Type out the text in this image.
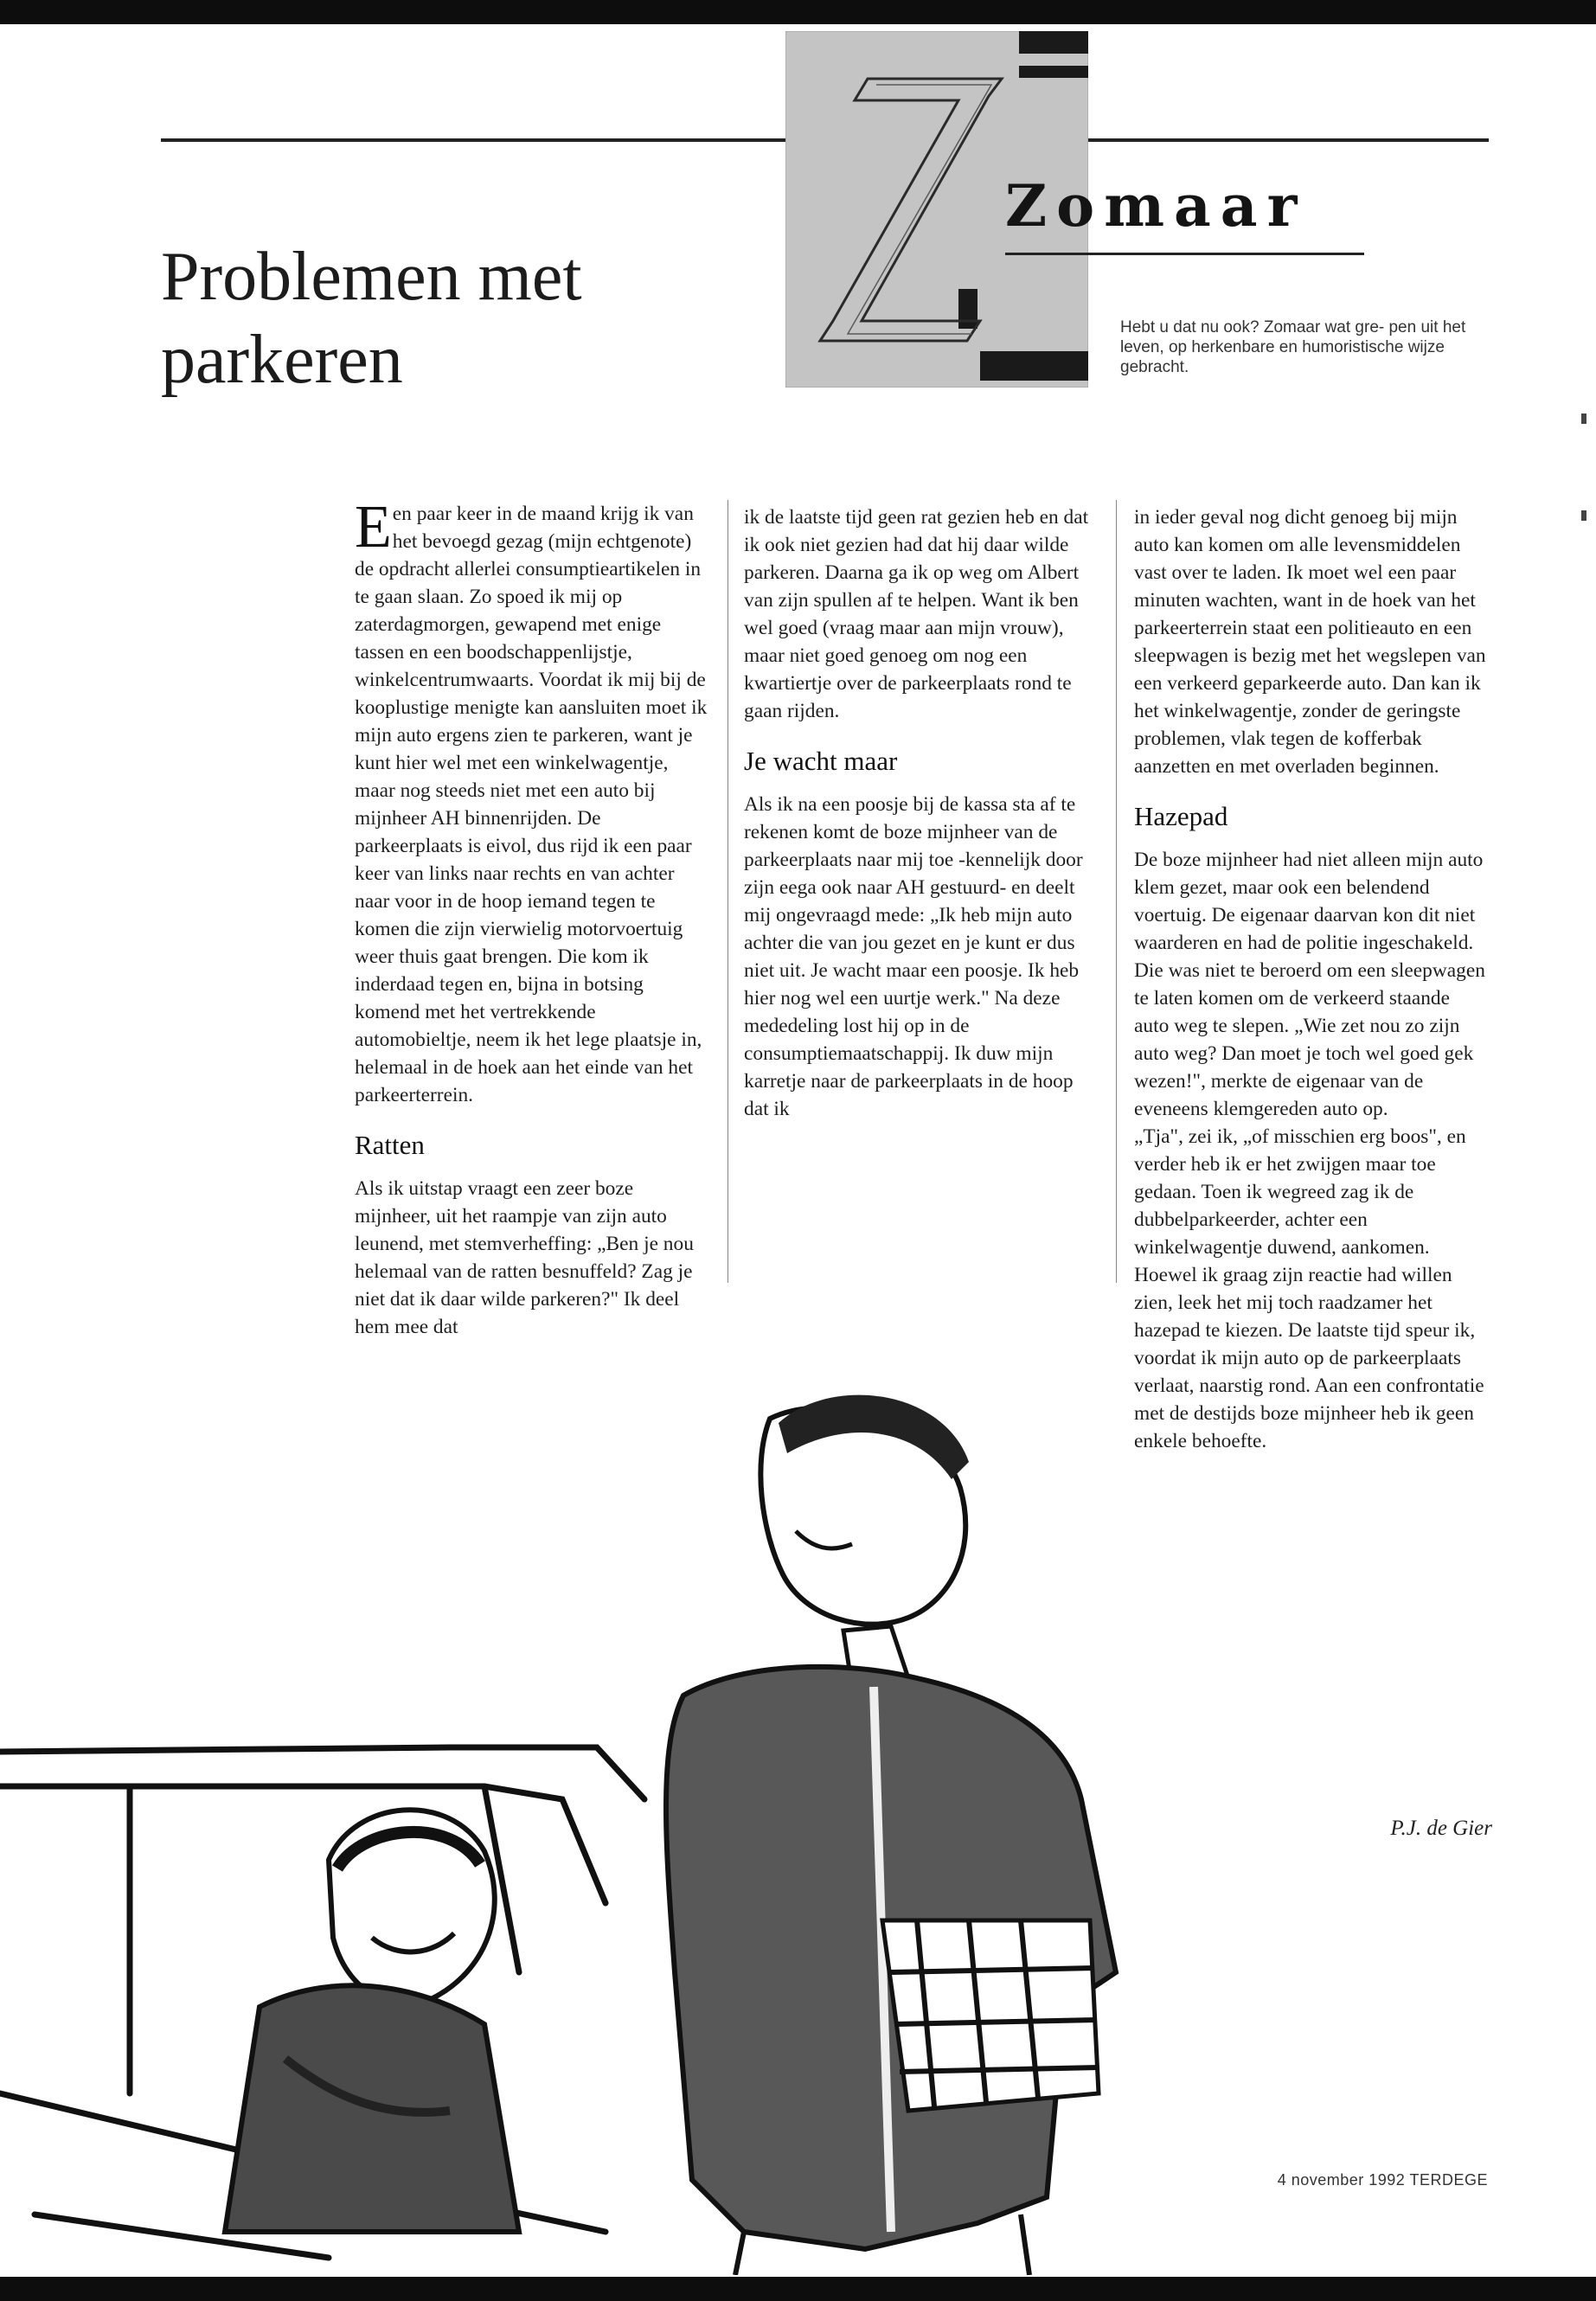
Zomaar
Hebt u dat nu ook? Zomaar wat gre- pen uit het leven, op herkenbare en humoristische wijze gebracht.
Problemen met
parkeren

Een paar keer in de maand krijg ik van het bevoegd gezag (mijn echtgenote) de opdracht allerlei consumptieartikelen in te gaan slaan. Zo spoed ik mij op zaterdagmorgen, gewapend met enige tassen en een boodschappenlijstje, winkelcentrumwaarts. Voordat ik mij bij de kooplustige menigte kan aansluiten moet ik mijn auto ergens zien te parkeren, want je kunt hier wel met een winkelwagentje, maar nog steeds niet met een auto bij mijnheer AH binnenrijden. De parkeerplaats is eivol, dus rijd ik een paar keer van links naar rechts en van achter naar voor in de hoop iemand tegen te komen die zijn vierwielig motorvoertuig weer thuis gaat brengen. Die kom ik inderdaad tegen en, bijna in botsing komend met het vertrekkende automobieltje, neem ik het lege plaatsje in, helemaal in de hoek aan het einde van het parkeerterrein.

Ratten

Als ik uitstap vraagt een zeer boze mijnheer, uit het raampje van zijn auto leunend, met stemverheffing: „Ben je nou helemaal van de ratten besnuffeld? Zag je niet dat ik daar wilde parkeren?" Ik deel hem mee dat

ik de laatste tijd geen rat gezien heb en dat ik ook niet gezien had dat hij daar wilde parkeren. Daarna ga ik op weg om Albert van zijn spullen af te helpen. Want ik ben wel goed (vraag maar aan mijn vrouw), maar niet goed genoeg om nog een kwartiertje over de parkeerplaats rond te gaan rijden.

Je wacht maar

Als ik na een poosje bij de kassa sta af te rekenen komt de boze mijnheer van de parkeerplaats naar mij toe -kennelijk door zijn eega ook naar AH gestuurd- en deelt mij ongevraagd mede: „Ik heb mijn auto achter die van jou gezet en je kunt er dus niet uit. Je wacht maar een poosje. Ik heb hier nog wel een uurtje werk." Na deze mededeling lost hij op in de consumptiemaatschappij. Ik duw mijn karretje naar de parkeerplaats in de hoop dat ik

in ieder geval nog dicht genoeg bij mijn auto kan komen om alle levensmiddelen vast over te laden. Ik moet wel een paar minuten wachten, want in de hoek van het parkeerterrein staat een politieauto en een sleepwagen is bezig met het wegslepen van een verkeerd geparkeerde auto. Dan kan ik het winkelwagentje, zonder de geringste problemen, vlak tegen de kofferbak aanzetten en met overladen beginnen.

Hazepad

De boze mijnheer had niet alleen mijn auto klem gezet, maar ook een belendend voertuig. De eigenaar daarvan kon dit niet waarderen en had de politie ingeschakeld.

Die was niet te beroerd om een sleepwagen te laten komen om de verkeerd staande auto weg te slepen. „Wie zet nou zo zijn auto weg? Dan moet je toch wel goed gek wezen!", merkte de eigenaar van de eveneens klemgereden auto op.

„Tja", zei ik, „of misschien erg boos", en verder heb ik er het zwijgen maar toe gedaan. Toen ik wegreed zag ik de dubbelparkeerder, achter een winkelwagentje duwend, aankomen. Hoewel ik graag zijn reactie had willen zien, leek het mij toch raadzamer het hazepad te kiezen. De laatste tijd speur ik, voordat ik mijn auto op de parkeerplaats verlaat, naarstig rond. Aan een confrontatie met de destijds boze mijnheer heb ik geen enkele behoefte.

P.J. de Gier
4 november 1992 TERDEGE
